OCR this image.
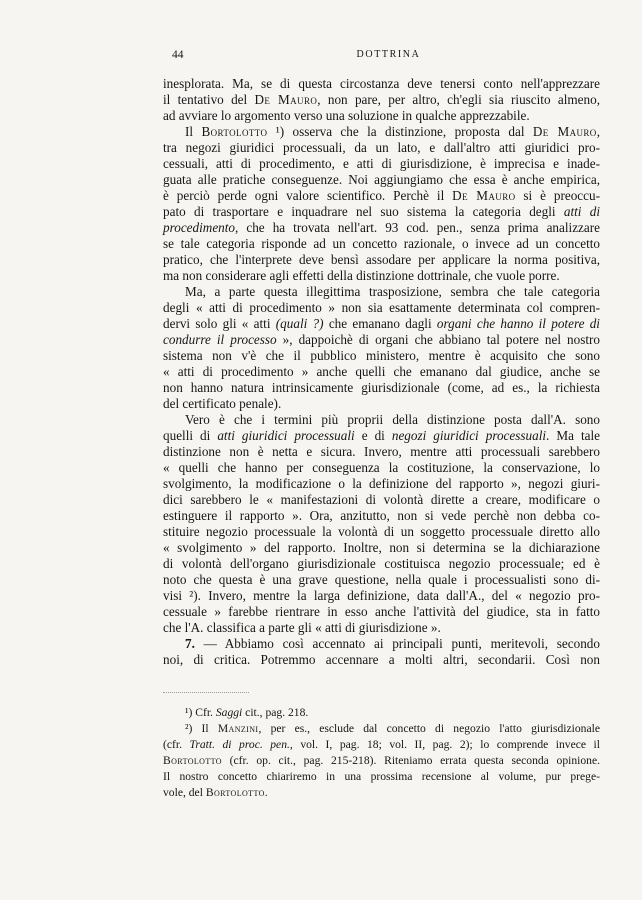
44	DOTTRINA
inesplorata. Ma, se di questa circostanza deve tenersi conto nell'apprezzare
il tentativo del De Mauro, non pare, per altro, ch'egli sia riuscito almeno,
ad avviare lo argomento verso una soluzione in qualche apprezzabile.
Il Bortolotto ¹) osserva che la distinzione, proposta dal De Mauro,
tra negozi giuridici processuali, da un lato, e dall'altro atti giuridici pro-
cessuali, atti di procedimento, e atti di giurisdizione, è imprecisa e inade-
guata alle pratiche conseguenze. Noi aggiungiamo che essa è anche empirica,
è perciò perde ogni valore scientifico. Perchè il De Mauro si è preoccu-
pato di trasportare e inquadrare nel suo sistema la categoria degli atti di
procedimento, che ha trovata nell'art. 93 cod. pen., senza prima analizzare
se tale categoria risponde ad un concetto razionale, o invece ad un concetto
pratico, che l'interprete deve bensì assodare per applicare la norma positiva,
ma non considerare agli effetti della distinzione dottrinale, che vuole porre.
Ma, a parte questa illegittima trasposizione, sembra che tale categoria
degli « atti di procedimento » non sia esattamente determinata col compren-
dervi solo gli « atti (quali ?) che emanano dagli organi che hanno il potere di
condurre il processo », dappoichè di organi che abbiano tal potere nel nostro
sistema non v'è che il pubblico ministero, mentre è acquisito che sono
« atti di procedimento » anche quelli che emanano dal giudice, anche se
non hanno natura intrinsicamente giurisdizionale (come, ad es., la richiesta
del certificato penale).
Vero è che i termini più proprii della distinzione posta dall'A. sono
quelli di atti giuridici processuali e di negozi giuridici processuali. Ma tale
distinzione non è netta e sicura. Invero, mentre atti processuali sarebbero
« quelli che hanno per conseguenza la costituzione, la conservazione, lo
svolgimento, la modificazione o la definizione del rapporto », negozi giuri-
dici sarebbero le « manifestazioni di volontà dirette a creare, modificare o
estinguere il rapporto ». Ora, anzitutto, non si vede perchè non debba co-
stituire negozio processuale la volontà di un soggetto processuale diretto allo
« svolgimento » del rapporto. Inoltre, non si determina se la dichiarazione
di volontà dell'organo giurisdizionale costituisca negozio processuale; ed è
noto che questa è una grave questione, nella quale i processualisti sono di-
visi ²). Invero, mentre la larga definizione, data dall'A., del « negozio pro-
cessuale » farebbe rientrare in esso anche l'attività del giudice, sta in fatto
che l'A. classifica a parte gli « atti di giurisdizione ».
7. — Abbiamo così accennato ai principali punti, meritevoli, secondo
noi, di critica. Potremmo accennare a molti altri, secondarii. Così non
¹) Cfr. Saggi cit., pag. 218.
²) Il Manzini, per es., esclude dal concetto di negozio l'atto giurisdizionale
(cfr. Tratt. di proc. pen., vol. I, pag. 18; vol. II, pag. 2); lo comprende invece il
Bortolotto (cfr. op. cit., pag. 215-218). Riteniamo errata questa seconda opinione.
Il nostro concetto chiariremo in una prossima recensione al volume, pur prege-
vole, del Bortolotto.
